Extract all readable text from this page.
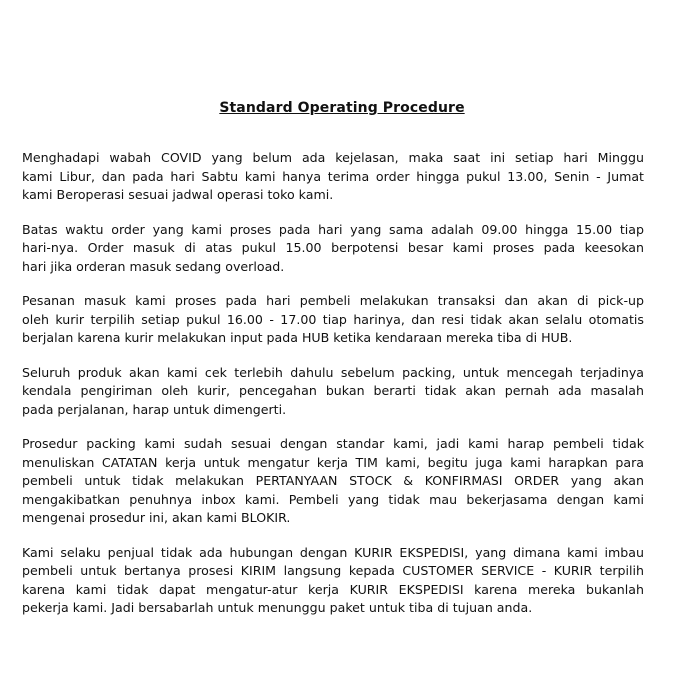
Standard Operating Procedure

Menghadapi wabah COVID yang belum ada kejelasan, maka saat ini setiap hari Minggu
kami Libur, dan pada hari Sabtu kami hanya terima order hingga pukul 13.00, Senin - Jumat
kami Beroperasi sesuai jadwal operasi toko kami.

Batas waktu order yang kami proses pada hari yang sama adalah 09.00 hingga 15.00 tiap
hari-nya. Order masuk di atas pukul 15.00 berpotensi besar kami proses pada keesokan
hari jika orderan masuk sedang overload.

Pesanan masuk kami proses pada hari pembeli melakukan transaksi dan akan di pick-up
oleh kurir terpilih setiap pukul 16.00 - 17.00 tiap harinya, dan resi tidak akan selalu otomatis
berjalan karena kurir melakukan input pada HUB ketika kendaraan mereka tiba di HUB.

Seluruh produk akan kami cek terlebih dahulu sebelum packing, untuk mencegah terjadinya
kendala pengiriman oleh kurir, pencegahan bukan berarti tidak akan pernah ada masalah
pada perjalanan, harap untuk dimengerti.

Prosedur packing kami sudah sesuai dengan standar kami, jadi kami harap pembeli tidak
menuliskan CATATAN kerja untuk mengatur kerja TIM kami, begitu juga kami harapkan para
pembeli untuk tidak melakukan PERTANYAAN STOCK & KONFIRMASI ORDER yang akan
mengakibatkan penuhnya inbox kami. Pembeli yang tidak mau bekerjasama dengan kami
mengenai prosedur ini, akan kami BLOKIR.

Kami selaku penjual tidak ada hubungan dengan KURIR EKSPEDISI, yang dimana kami imbau
pembeli untuk bertanya prosesi KIRIM langsung kepada CUSTOMER SERVICE - KURIR terpilih
karena kami tidak dapat mengatur-atur kerja KURIR EKSPEDISI karena mereka bukanlah
pekerja kami. Jadi bersabarlah untuk menunggu paket untuk tiba di tujuan anda.
